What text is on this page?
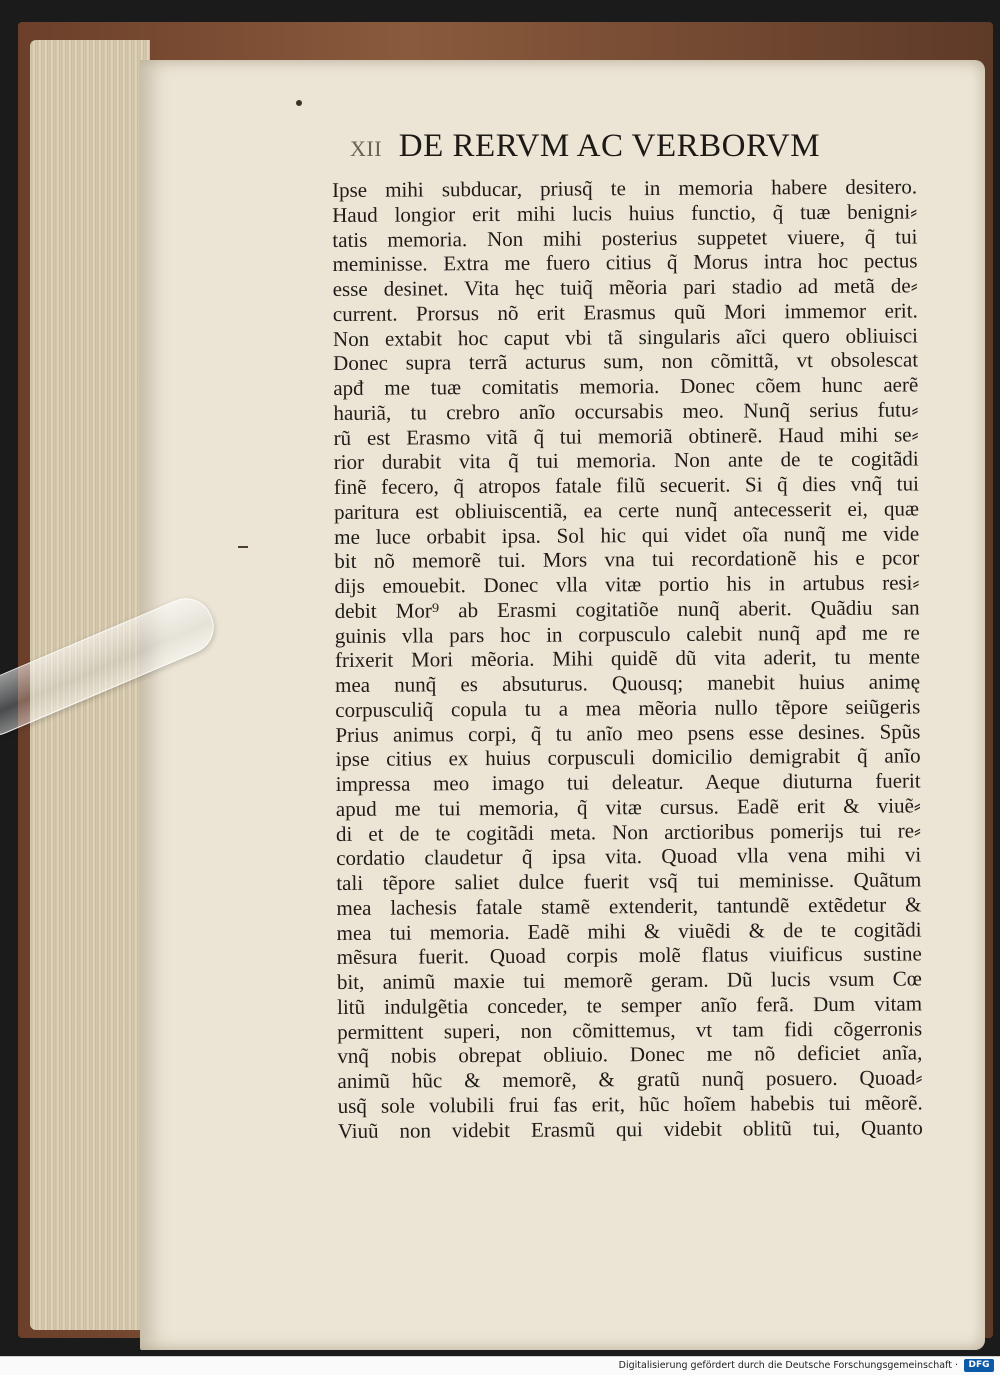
XII DE RERVM AC VERBORVM
Ipse mihi subducar, priusq̃ te in memoria habere desitero.
Haud longior erit mihi lucis huius functio, q̃ tuæ benigni⸗
tatis memoria. Non mihi posterius suppetet viuere, q̃ tui
meminisse. Extra me fuero citius q̃ Morus intra hoc pectus
esse desinet. Vita hęc tuiq̃ mẽoria pari stadio ad metã de⸗
current. Prorsus nõ erit Erasmus quũ Mori immemor erit.
Non extabit hoc caput vbi tã singularis aĩci quero obliuisci
Donec supra terrã acturus sum, non cõmittã, vt obsolescat
apđ me tuæ comitatis memoria. Donec cõem hunc aerẽ
hauriã, tu crebro anĩo occursabis meo. Nunq̃ serius futu⸗
rũ est Erasmo vitã q̃ tui memoriã obtinerẽ. Haud mihi se⸗
rior durabit vita q̃ tui memoria. Non ante de te cogitãdi
finẽ fecero, q̃ atropos fatale filũ secuerit. Si q̃ dies vnq̃ tui
paritura est obliuiscentiã, ea certe nunq̃ antecesserit ei, quæ
me luce orbabit ipsa. Sol hic qui videt oĩa nunq̃ me vide
bit nõ memorẽ tui. Mors vna tui recordationẽ his e pcor
dijs emouebit. Donec vlla vitæ portio his in artubus resi⸗
debit Mor⁹ ab Erasmi cogitatiõe nunq̃ aberit. Quãdiu san
guinis vlla pars hoc in corpusculo calebit nunq̃ apđ me re
frixerit Mori mẽoria. Mihi quidẽ dũ vita aderit, tu mente
mea nunq̃ es absuturus. Quousq; manebit huius animę
corpusculiq̃ copula tu a mea mẽoria nullo tẽpore seiũgeris
Prius animus corpi, q̃ tu anĩo meo psens esse desines. Spũs
ipse citius ex huius corpusculi domicilio demigrabit q̃ anĩo
impressa meo imago tui deleatur. Aeque diuturna fuerit
apud me tui memoria, q̃ vitæ cursus. Eadẽ erit & viuẽ⸗
di et de te cogitãdi meta. Non arctioribus pomerijs tui re⸗
cordatio claudetur q̃ ipsa vita. Quoad vlla vena mihi vi
tali tẽpore saliet dulce fuerit vsq̃ tui meminisse. Quãtum
mea lachesis fatale stamẽ extenderit, tantundẽ extẽdetur &
mea tui memoria. Eadẽ mihi & viuẽdi & de te cogitãdi
mẽsura fuerit. Quoad corpis molẽ flatus viuificus sustine
bit, animũ maxie tui memorẽ geram. Dũ lucis vsum Cœ
litũ indulgẽtia conceder, te semper anĩo ferã. Dum vitam
permittent superi, non cõmittemus, vt tam fidi cõgerronis
vnq̃ nobis obrepat obliuio. Donec me nõ deficiet anĩa,
animũ hũc & memorẽ, & gratũ nunq̃ posuero. Quoad⸗
usq̃ sole volubili frui fas erit, hũc hoĩem habebis tui mẽorẽ.
Viuũ non videbit Erasmũ qui videbit oblitũ tui, Quanto
Digitalisierung gefördert durch die Deutsche Forschungsgemeinschaft ·	DFG
